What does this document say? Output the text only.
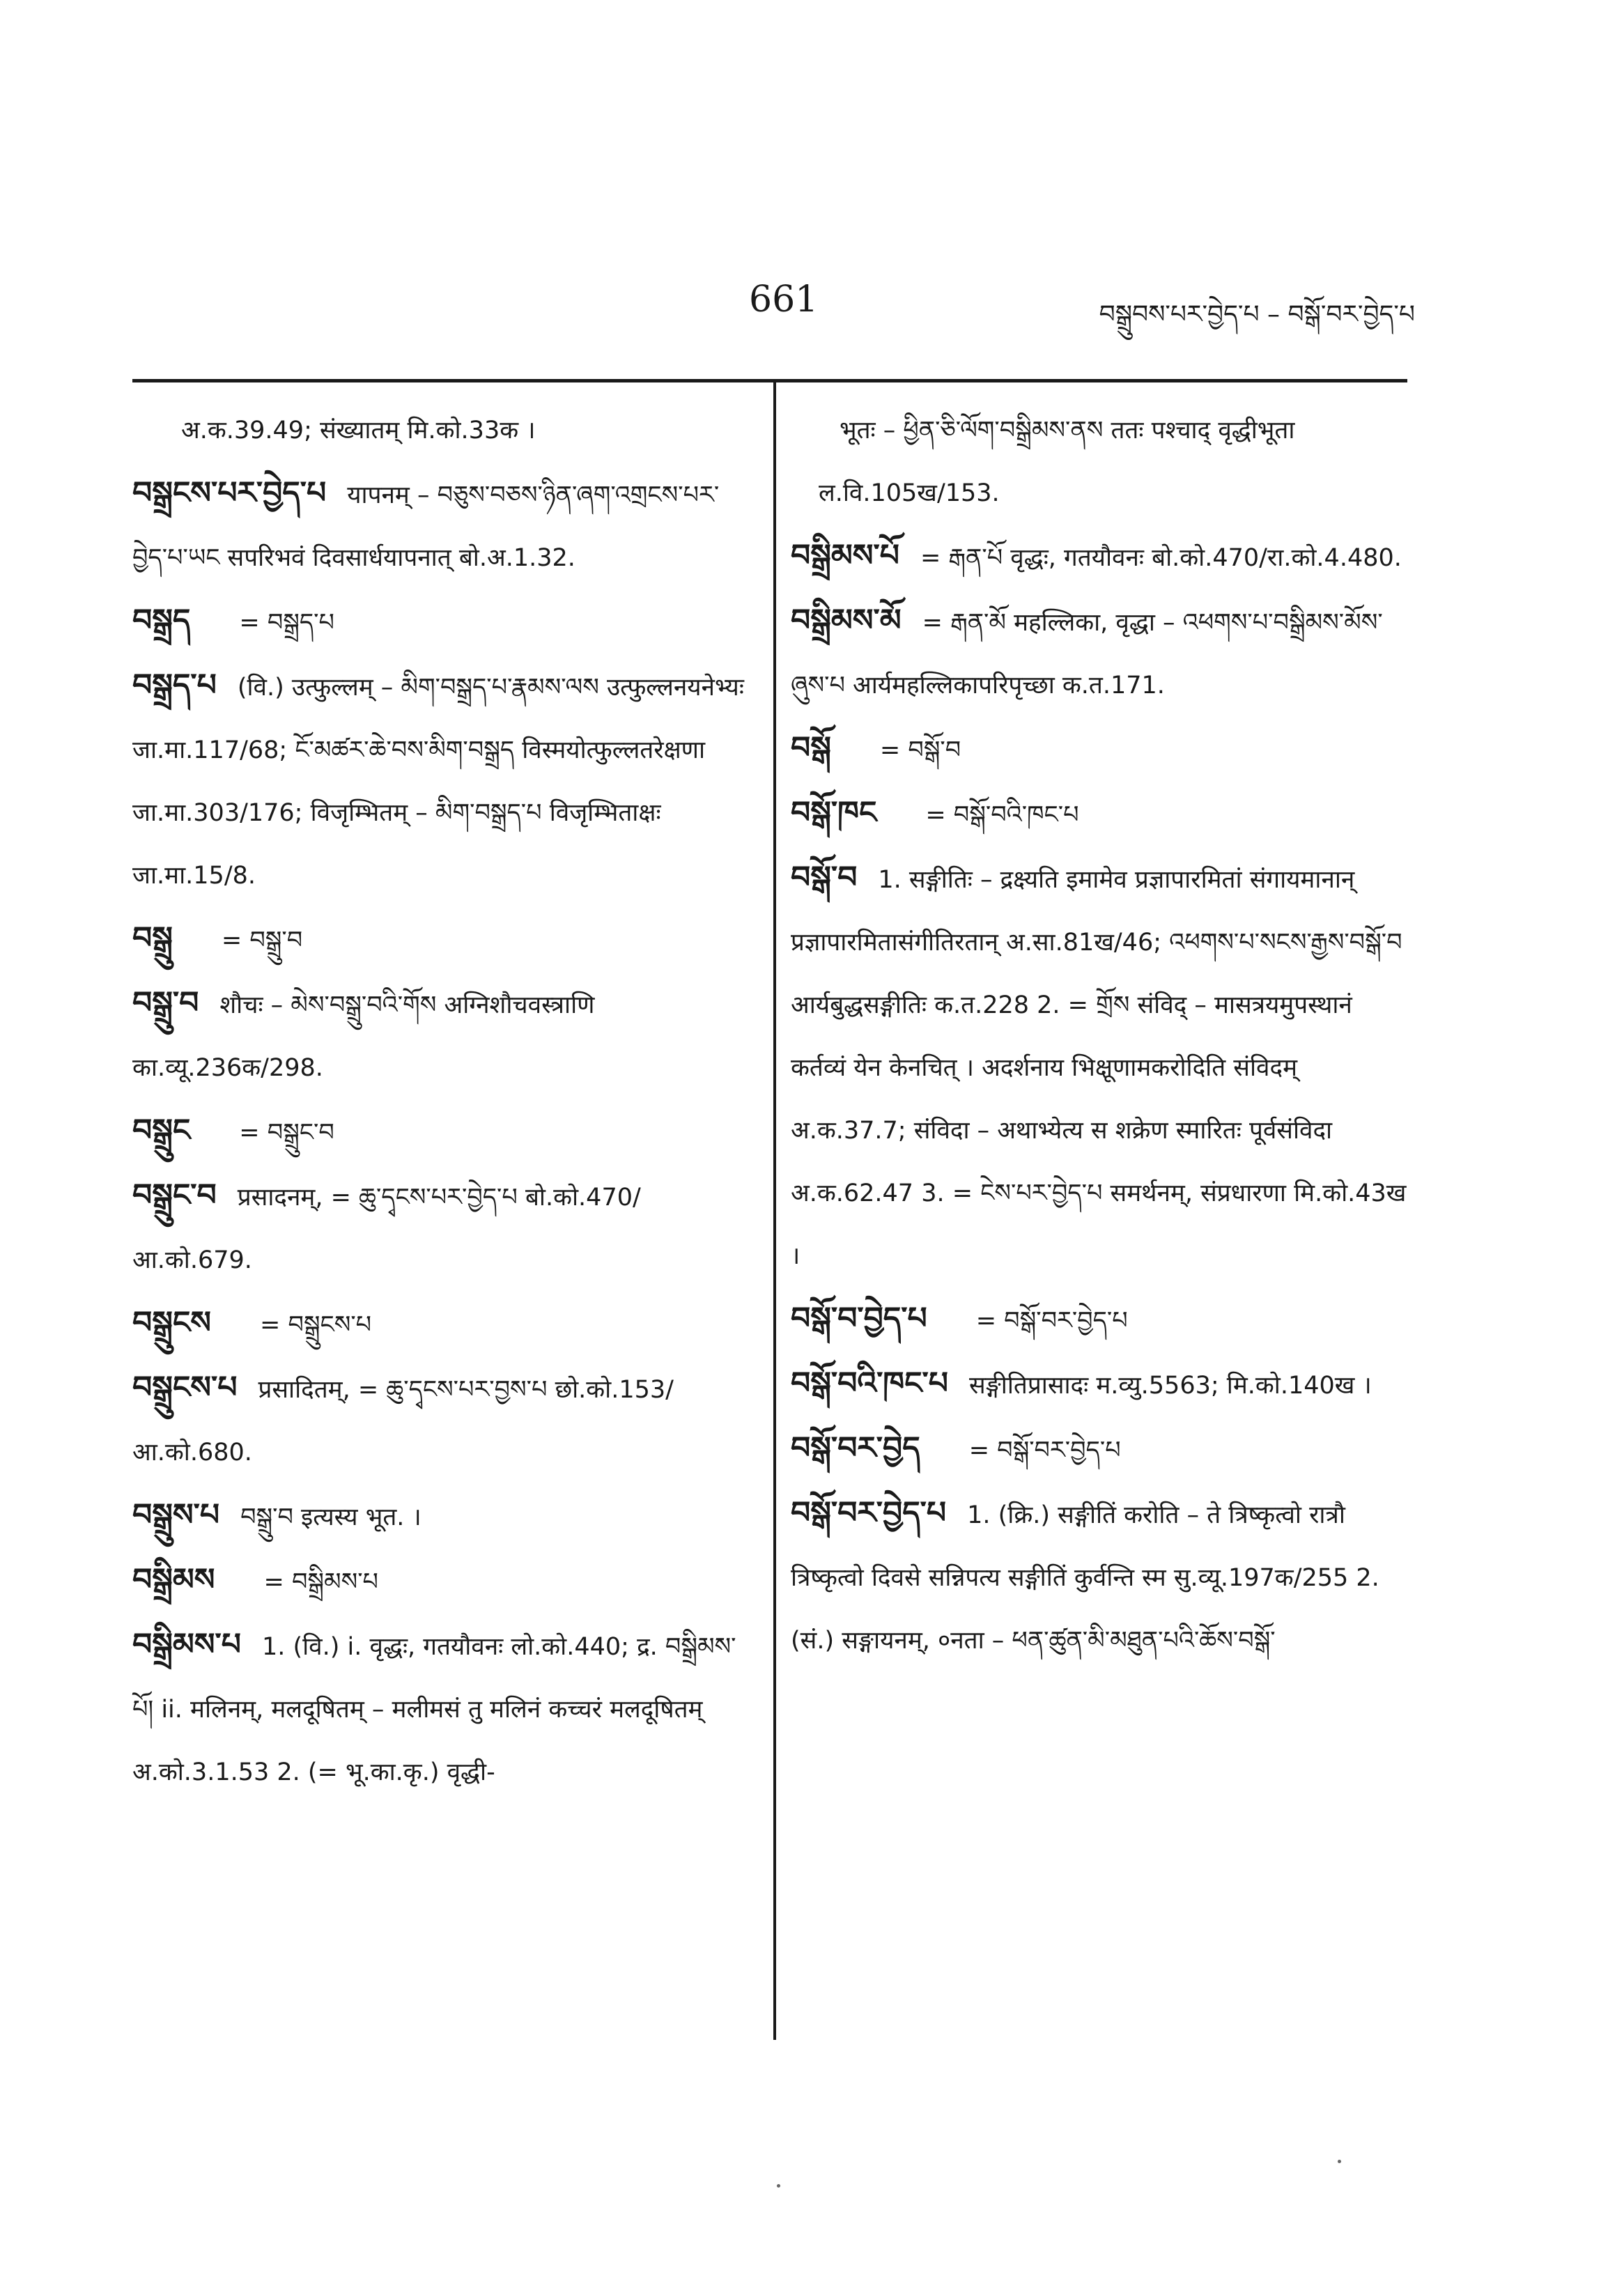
661	བསྒྲུབས་པར་བྱེད་པ – བསྒོ་བར་བྱེད་པ
अ.क.39.49; संख्यातम् मि.को.33क ।
བསྒྲངས་པར་བྱེད་པ यापनम् – བཅུས་བཅས་ཉིན་ཞག་འགྲངས་པར་བྱེད་པ་ཡང सपरिभवं दिवसार्धयापनात् बो.अ.1.32.
བསྒྲད = བསྒྲད་པ
བསྒྲད་པ (वि.) उत्फुल्लम् – མིག་བསྒྲད་པ་རྣམས་ལས उत्फुल्लनयनेभ्यः जा.मा.117/68; ངོ་མཚར་ཆེ་བས་མིག་བསྒྲད विस्मयोत्फुल्लतरेक्षणा जा.मा.303/176; विजृम्भितम् – མིག་བསྒྲད་པ विजृम्भिताक्षः जा.मा.15/8.
བསྒྲུ = བསྒྲུ་བ
བསྒྲུ་བ शौचः – མེས་བསྒྲུ་བའི་གོས अग्निशौचवस्त्राणि का.व्यू.236क/298.
བསྒྲུང = བསྒྲུང་བ
བསྒྲུང་བ प्रसादनम्, = ཆུ་དྭངས་པར་བྱེད་པ बो.को.470/आ.को.679.
བསྒྲུངས = བསྒྲུངས་པ
བསྒྲུངས་པ प्रसादितम्, = ཆུ་དྭངས་པར་བྱས་པ छो.को.153/आ.को.680.
བསྒྲུས་པ བསྒྲུ་བ इत्यस्य भूत. ।
བསྒྲིམས = བསྒྲིམས་པ
བསྒྲིམས་པ 1. (वि.) i. वृद्धः, गतयौवनः लो.को.440; द्र. བསྒྲིམས་པོ། ii. मलिनम्, मलदूषितम् – मलीमसं तु मलिनं कच्चरं मलदूषितम् अ.को.3.1.53 2. (= भू.का.कृ.) वृद्धी-
भूतः – ཕྱིན་ཅི་ལོག་བསྒྲིམས་ནས ततः पश्चाद् वृद्धीभूता ल.वि.105ख/153.
བསྒྲིམས་པོ = རྒན་པོ वृद्धः, गतयौवनः बो.को.470/रा.को.4.480.
བསྒྲིམས་མོ = རྒན་མོ महल्लिका, वृद्धा – འཕགས་པ་བསྒྲིམས་མོས་ཞུས་པ आर्यमहल्लिकापरिपृच्छा क.त.171.
བསྒོ = བསྒོ་བ
བསྒོ་ཁང = བསྒོ་བའི་ཁང་པ
བསྒོ་བ 1. सङ्गीतिः – द्रक्ष्यति इमामेव प्रज्ञापारमितां संगायमानान् प्रज्ञापारमितासंगीतिरतान् अ.सा.81ख/46; འཕགས་པ་སངས་རྒྱས་བསྒོ་བ आर्यबुद्धसङ्गीतिः क.त.228 2. = གྲོས संविद् – मासत्रयमुपस्थानं कर्तव्यं येन केनचित् । अदर्शनाय भिक्षूणामकरोदिति संविदम् अ.क.37.7; संविदा – अथाभ्येत्य स शक्रेण स्मारितः पूर्वसंविदा अ.क.62.47 3. = ངེས་པར་བྱེད་པ समर्थनम्, संप्रधारणा मि.को.43ख ।
བསྒོ་བ་བྱེད་པ = བསྒོ་བར་བྱེད་པ
བསྒོ་བའི་ཁང་པ सङ्गीतिप्रासादः म.व्यु.5563; मि.को.140ख ।
བསྒོ་བར་བྱེད = བསྒོ་བར་བྱེད་པ
བསྒོ་བར་བྱེད་པ 1. (क्रि.) सङ्गीतिं करोति – ते त्रिष्कृत्वो रात्रौ त्रिष्कृत्वो दिवसे सन्निपत्य सङ्गीतिं कुर्वन्ति स्म सु.व्यू.197क/255 2. (सं.) सङ्गायनम्, ०नता – ཕན་ཚུན་མི་མཐུན་པའི་ཆོས་བསྒོ་
